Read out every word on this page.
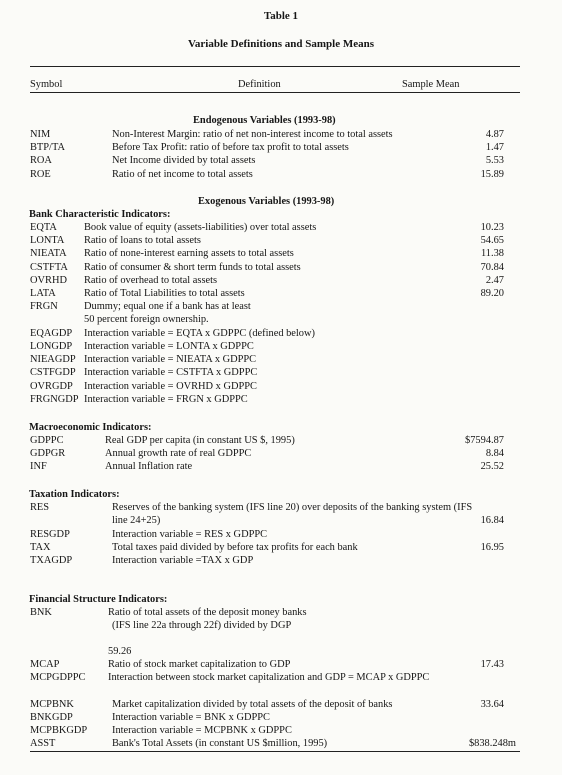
Table 1
Variable Definitions and Sample Means
Symbol	Definition	Sample Mean
Endogenous Variables (1993-98)
NIM	Non-Interest Margin: ratio of net non-interest income to total assets	4.87
BTP/TA	Before Tax Profit: ratio of before tax profit to total assets	1.47
ROA	Net Income divided by total assets	5.53
ROE	Ratio of net income to total assets	15.89
Exogenous Variables (1993-98)
Bank Characteristic Indicators:
EQTA	Book value of equity (assets-liabilities) over total assets	10.23
LONTA Ratio of loans to total assets	54.65
NIEATA Ratio of none-interest earning assets to total assets	11.38
CSTFTA Ratio of consumer & short term funds to total assets	70.84
OVRHD Ratio of overhead to total assets	2.47
LATA	Ratio of Total Liabilities to total assets	89.20
FRGN	Dummy; equal one if a bank has at least
50 percent foreign ownership.
EQAGDP Interaction variable = EQTA x GDPPC (defined below)
LONGDP Interaction variable = LONTA x GDPPC
NIEAGDP Interaction variable = NIEATA x GDPPC
CSTFGDP Interaction variable = CSTFTA x GDPPC
OVRGDP Interaction variable = OVRHD x GDPPC
FRGNGDP Interaction variable = FRGN x GDPPC
Macroeconomic Indicators:
GDPPC	Real GDP per capita (in constant US $, 1995)	$7594.87
GDPGR	Annual growth rate of real GDPPC	8.84
INF	Annual Inflation rate	25.52
Taxation Indicators:
RES	Reserves of the banking system (IFS line 20) over deposits of the banking system (IFS
line 24+25)	16.84
RESGDP	Interaction variable = RES x GDPPC
TAX	Total taxes paid divided by before tax profits for each bank	16.95
TXAGDP	Interaction variable =TAX x GDP
Financial Structure Indicators:
BNK	Ratio of total assets of the deposit money banks
(IFS line 22a through 22f) divided by DGP
59.26
MCAP	Ratio of stock market capitalization to GDP	17.43
MCPGDPPC Interaction between stock market capitalization and GDP = MCAP x GDPPC
MCPBNK	Market capitalization divided by total assets of the deposit of banks	33.64
BNKGDP	Interaction variable = BNK x GDPPC
MCPBKGDP Interaction variable = MCPBNK x GDPPC
ASST	Bank's Total Assets (in constant US $million, 1995)	$838.248m
